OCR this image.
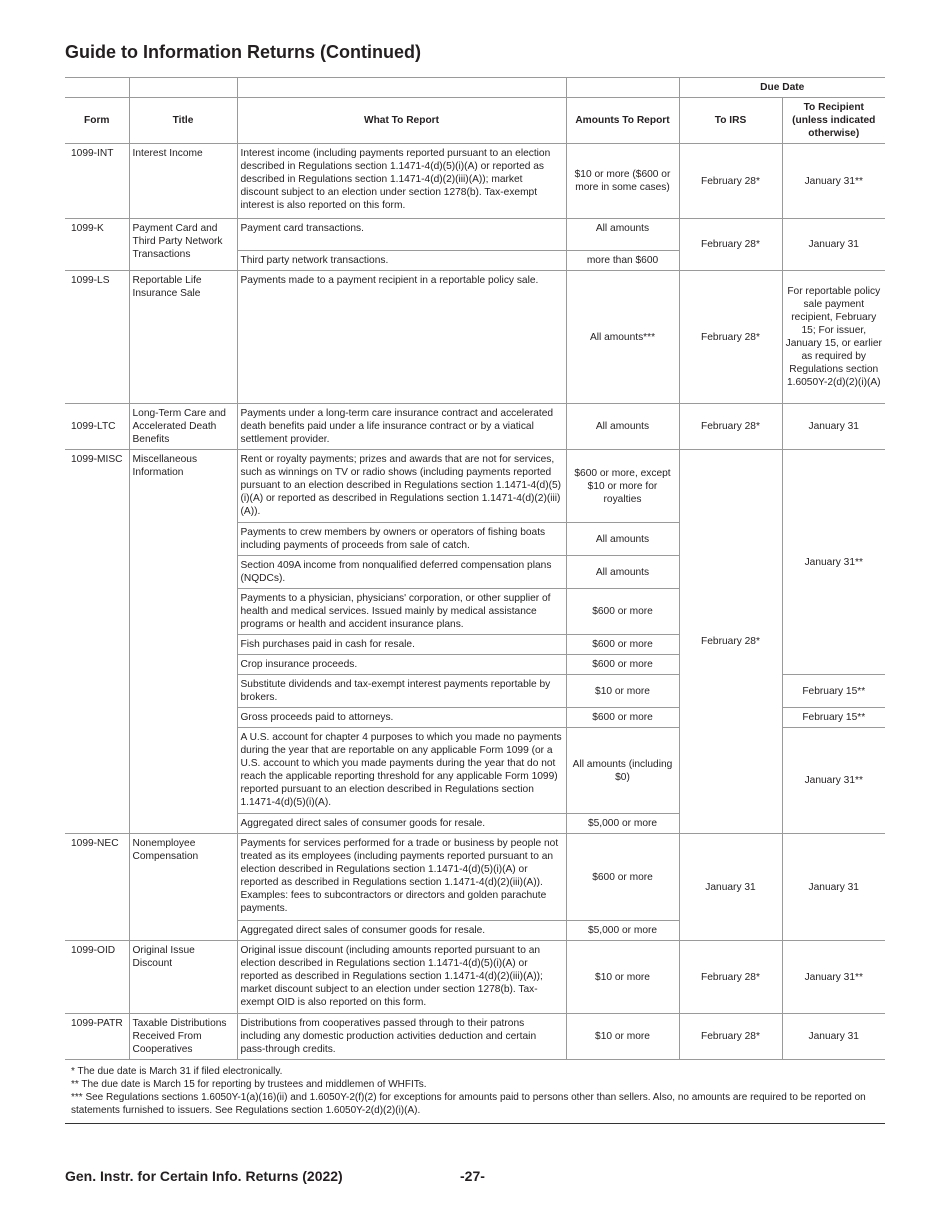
Guide to Information Returns (Continued)
				Due Date	
Form	Title	What To Report	Amounts To Report	To IRS	To Recipient (unless indicated otherwise)
1099-INT	Interest Income	Interest income (including payments reported pursuant to an election described in Regulations section 1.1471-4(d)(5)(i)(A) or reported as described in Regulations section 1.1471-4(d)(2)(iii)(A)); market discount subject to an election under section 1278(b). Tax-exempt interest is also reported on this form.	$10 or more ($600 or more in some cases)	February 28*	January 31**
1099-K	Payment Card and Third Party Network Transactions	Payment card transactions.	All amounts	February 28*	January 31
		Third party network transactions.	more than $600		
1099-LS	Reportable Life Insurance Sale	Payments made to a payment recipient in a reportable policy sale.	All amounts***	February 28*	For reportable policy sale payment recipient, February 15; For issuer, January 15, or earlier as required by Regulations section 1.6050Y-2(d)(2)(i)(A)
1099-LTC	Long-Term Care and Accelerated Death Benefits	Payments under a long-term care insurance contract and accelerated death benefits paid under a life insurance contract or by a viatical settlement provider.	All amounts	February 28*	January 31
1099-MISC	Miscellaneous Information	Rent or royalty payments; prizes and awards that are not for services, such as winnings on TV or radio shows (including payments reported pursuant to an election described in Regulations section 1.1471-4(d)(5)(i)(A) or reported as described in Regulations section 1.1471-4(d)(2)(iii)(A)).	$600 or more, except $10 or more for royalties	February 28*	January 31**
		Payments to crew members by owners or operators of fishing boats including payments of proceeds from sale of catch.	All amounts		
		Section 409A income from nonqualified deferred compensation plans (NQDCs).	All amounts		
		Payments to a physician, physicians' corporation, or other supplier of health and medical services. Issued mainly by medical assistance programs or health and accident insurance plans.	$600 or more		
		Fish purchases paid in cash for resale.	$600 or more		
		Crop insurance proceeds.	$600 or more		
		Substitute dividends and tax-exempt interest payments reportable by brokers.	$10 or more		February 15**
		Gross proceeds paid to attorneys.	$600 or more		February 15**
		A U.S. account for chapter 4 purposes to which you made no payments during the year that are reportable on any applicable Form 1099 (or a U.S. account to which you made payments during the year that do not reach the applicable reporting threshold for any applicable Form 1099) reported pursuant to an election described in Regulations section 1.1471-4(d)(5)(i)(A).	All amounts (including $0)		January 31**
		Aggregated direct sales of consumer goods for resale.	$5,000 or more		
1099-NEC	Nonemployee Compensation	Payments for services performed for a trade or business by people not treated as its employees (including payments reported pursuant to an election described in Regulations section 1.1471-4(d)(5)(i)(A) or reported as described in Regulations section 1.1471-4(d)(2)(iii)(A)). Examples: fees to subcontractors or directors and golden parachute payments.	$600 or more	January 31	January 31
		Aggregated direct sales of consumer goods for resale.	$5,000 or more		
1099-OID	Original Issue Discount	Original issue discount (including amounts reported pursuant to an election described in Regulations section 1.1471-4(d)(5)(i)(A) or reported as described in Regulations section 1.1471-4(d)(2)(iii)(A)); market discount subject to an election under section 1278(b). Tax-exempt OID is also reported on this form.	$10 or more	February 28*	January 31**
1099-PATR	Taxable Distributions Received From Cooperatives	Distributions from cooperatives passed through to their patrons including any domestic production activities deduction and certain pass-through credits.	$10 or more	February 28*	January 31
* The due date is March 31 if filed electronically.
** The due date is March 15 for reporting by trustees and middlemen of WHFITs.
*** See Regulations sections 1.6050Y-1(a)(16)(ii) and 1.6050Y-2(f)(2) for exceptions for amounts paid to persons other than sellers. Also, no amounts are required to be reported on statements furnished to issuers. See Regulations section 1.6050Y-2(d)(2)(i)(A).
Gen. Instr. for Certain Info. Returns (2022)	-27-
